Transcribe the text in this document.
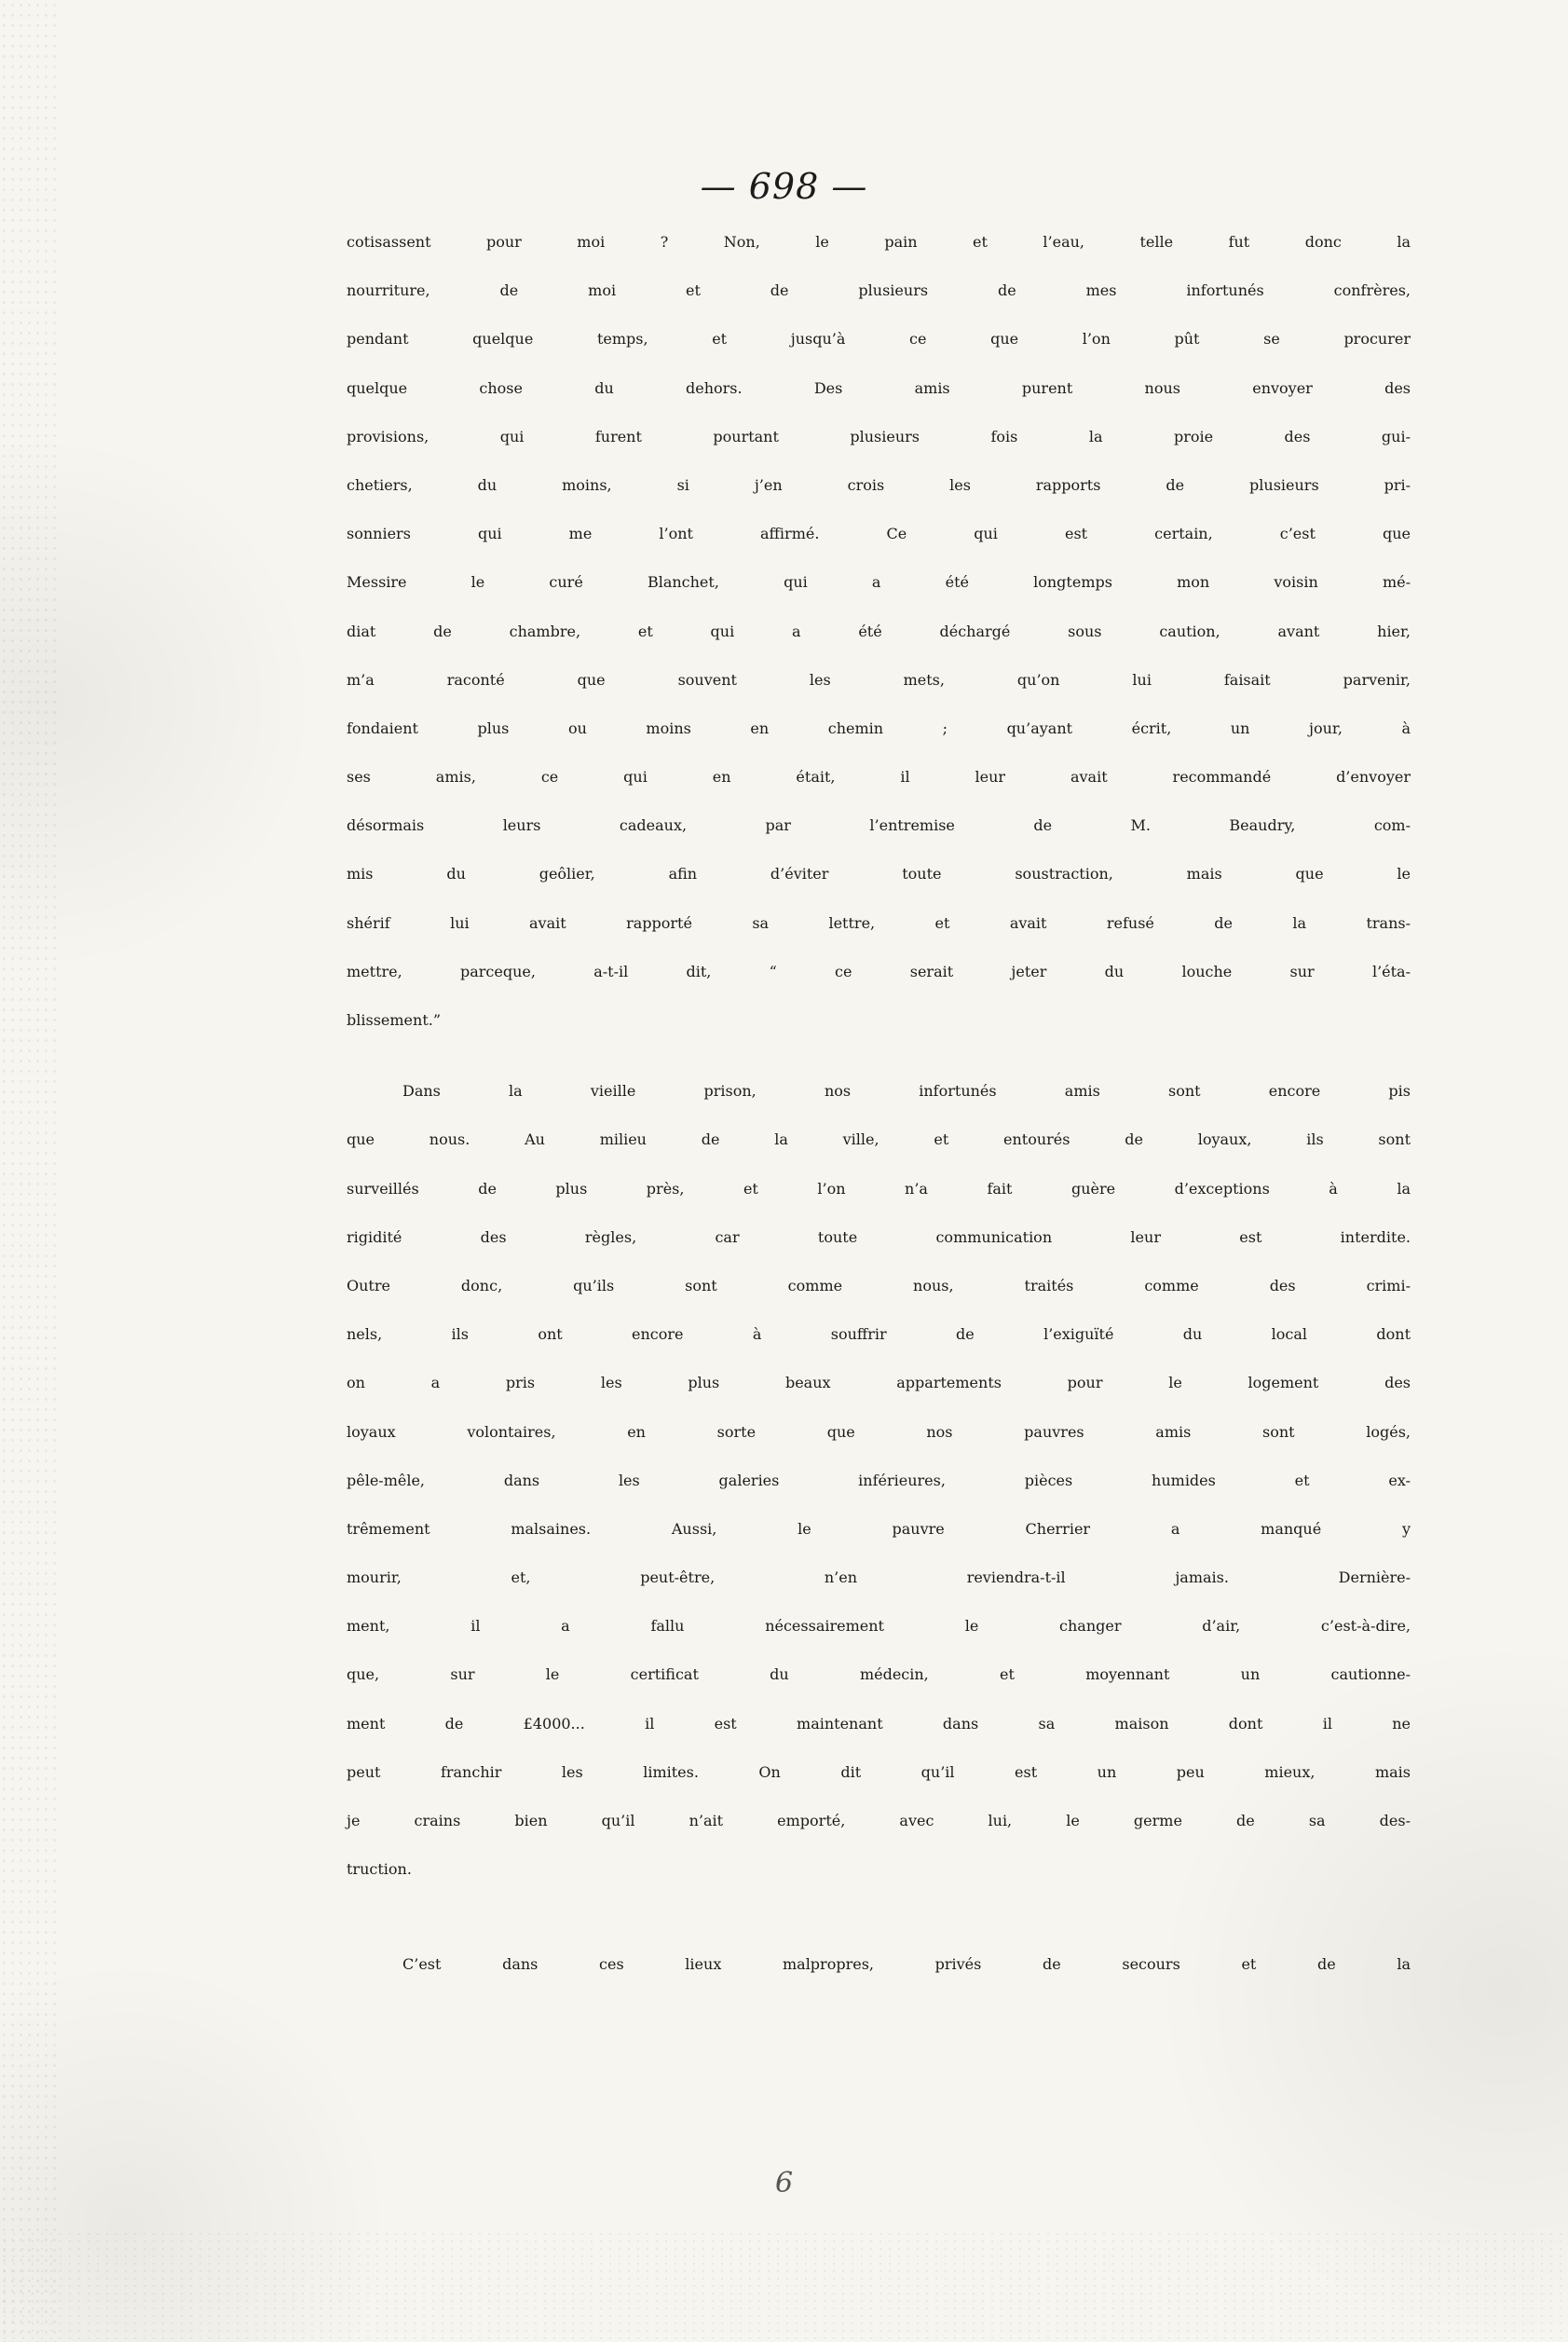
— 698 —
cotisassent pour moi ? Non, le pain et l’eau, telle fut donc la
nourriture, de moi et de plusieurs de mes infortunés confrères,
pendant quelque temps, et jusqu’à ce que l’on pût se procurer
quelque chose du dehors. Des amis purent nous envoyer des
provisions, qui furent pourtant plusieurs fois la proie des gui-
chetiers, du moins, si j’en crois les rapports de plusieurs pri-
sonniers qui me l’ont affirmé. Ce qui est certain, c’est que
Messire le curé Blanchet, qui a été longtemps mon voisin mé-
diat de chambre, et qui a été déchargé sous caution, avant hier,
m’a raconté que souvent les mets, qu’on lui faisait parvenir,
fondaient plus ou moins en chemin ; qu’ayant écrit, un jour, à
ses amis, ce qui en était, il leur avait recommandé d’envoyer
désormais leurs cadeaux, par l’entremise de M. Beaudry, com-
mis du geôlier, afin d’éviter toute soustraction, mais que le
shérif lui avait rapporté sa lettre, et avait refusé de la trans-
mettre, parceque, a-t-il dit, “ ce serait jeter du louche sur l’éta-
blissement.”
Dans la vieille prison, nos infortunés amis sont encore pis
que nous. Au milieu de la ville, et entourés de loyaux, ils sont
surveillés de plus près, et l’on n’a fait guère d’exceptions à la
rigidité des règles, car toute communication leur est interdite.
Outre donc, qu’ils sont comme nous, traités comme des crimi-
nels, ils ont encore à souffrir de l’exiguïté du local dont
on a pris les plus beaux appartements pour le logement des
loyaux volontaires, en sorte que nos pauvres amis sont logés,
pêle-mêle, dans les galeries inférieures, pièces humides et ex-
trêmement malsaines. Aussi, le pauvre Cherrier a manqué y
mourir, et, peut-être, n’en reviendra-t-il jamais. Dernière-
ment, il a fallu nécessairement le changer d’air, c’est-à-dire,
que, sur le certificat du médecin, et moyennant un cautionne-
ment de £4000... il est maintenant dans sa maison dont il ne
peut franchir les limites. On dit qu’il est un peu mieux, mais
je crains bien qu’il n’ait emporté, avec lui, le germe de sa des-
truction.
C’est dans ces lieux malpropres, privés de secours et de la
6
